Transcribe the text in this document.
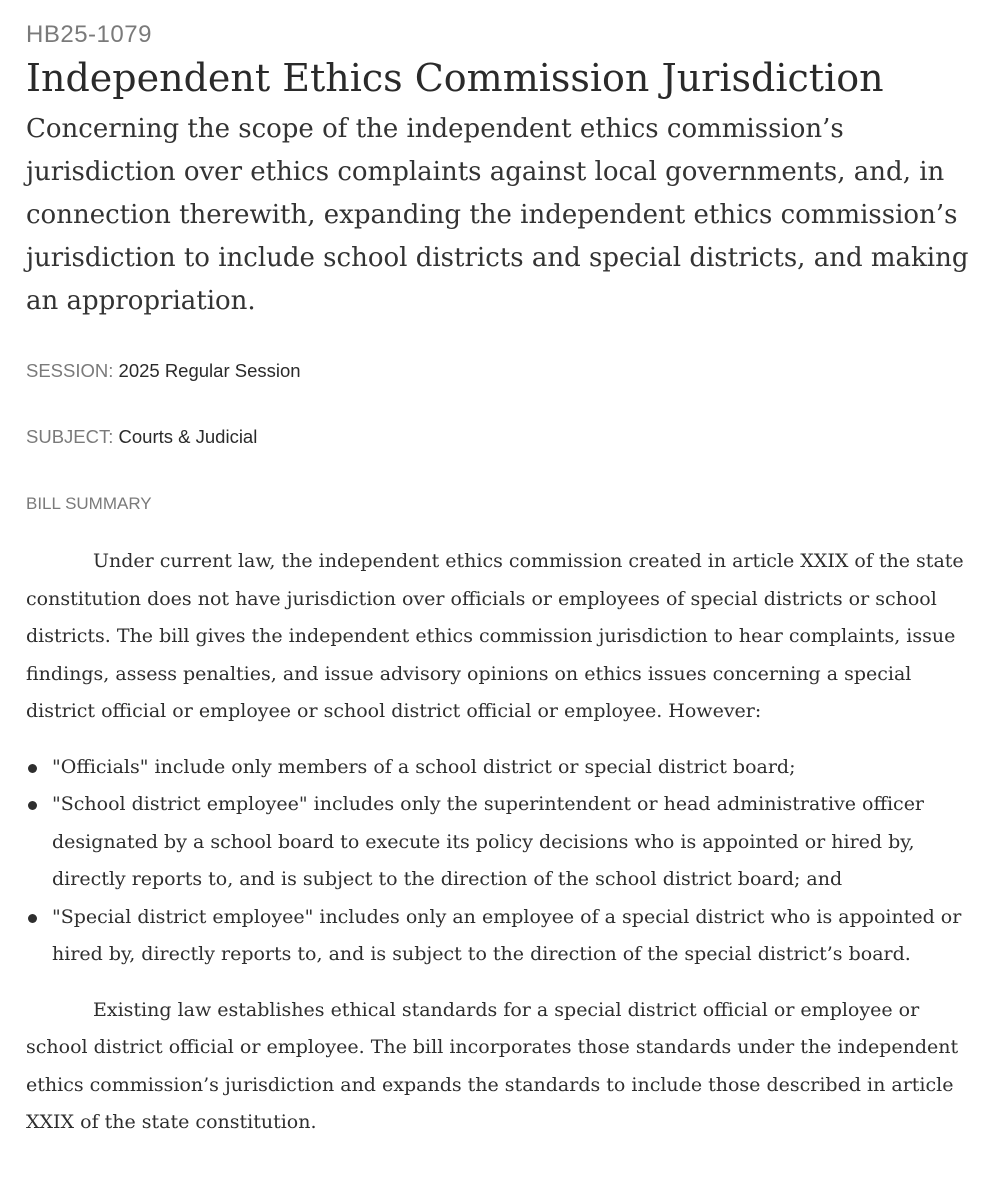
HB25-1079
Independent Ethics Commission Jurisdiction

Concerning the scope of the independent ethics commission’s jurisdiction over ethics complaints against local governments, and, in connection therewith, expanding the independent ethics commission’s jurisdiction to include school districts and special districts, and making an appropriation.

SESSION: 2025 Regular Session

SUBJECT: Courts & Judicial

BILL SUMMARY

Under current law, the independent ethics commission created in article XXIX of the state constitution does not have jurisdiction over officials or employees of special districts or school districts. The bill gives the independent ethics commission jurisdiction to hear complaints, issue findings, assess penalties, and issue advisory opinions on ethics issues concerning a special district official or employee or school district official or employee. However:

"Officials" include only members of a school district or special district board;
"School district employee" includes only the superintendent or head administrative officer designated by a school board to execute its policy decisions who is appointed or hired by, directly reports to, and is subject to the direction of the school district board; and
"Special district employee" includes only an employee of a special district who is appointed or hired by, directly reports to, and is subject to the direction of the special district’s board.

Existing law establishes ethical standards for a special district official or employee or school district official or employee. The bill incorporates those standards under the independent ethics commission’s jurisdiction and expands the standards to include those described in article XXIX of the state constitution.
